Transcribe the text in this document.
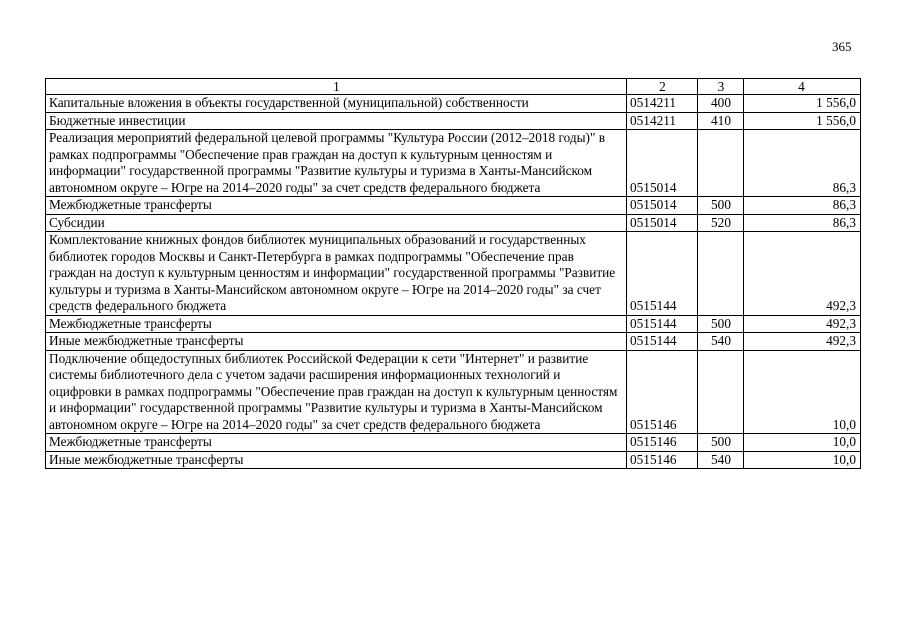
365
1	2	3	4
Капитальные вложения в объекты государственной (муниципальной) собственности	0514211	400	1 556,0
Бюджетные инвестиции	0514211	410	1 556,0
Реализация мероприятий федеральной целевой программы "Культура России (2012–2018 годы)" в рамках подпрограммы "Обеспечение прав граждан на доступ к культурным ценностям и информации" государственной программы "Развитие культуры и туризма в Ханты-Мансийском автономном округе – Югре на 2014–2020 годы" за счет средств федерального бюджета	0515014		86,3
Межбюджетные трансферты	0515014	500	86,3
Субсидии	0515014	520	86,3
Комплектование книжных фондов библиотек муниципальных образований и государственных библиотек городов Москвы и Санкт-Петербурга в рамках подпрограммы "Обеспечение прав граждан на доступ к культурным ценностям и информации" государственной программы "Развитие культуры и туризма в Ханты-Мансийском автономном округе – Югре на 2014–2020 годы" за счет средств федерального бюджета	0515144		492,3
Межбюджетные трансферты	0515144	500	492,3
Иные межбюджетные трансферты	0515144	540	492,3
Подключение общедоступных библиотек Российской Федерации к сети "Интернет" и развитие системы библиотечного дела с учетом задачи расширения информационных технологий и оцифровки в рамках подпрограммы "Обеспечение прав граждан на доступ к культурным ценностям и информации" государственной программы "Развитие культуры и туризма в Ханты-Мансийском автономном округе – Югре на 2014–2020 годы" за счет средств федерального бюджета	0515146		10,0
Межбюджетные трансферты	0515146	500	10,0
Иные межбюджетные трансферты	0515146	540	10,0
